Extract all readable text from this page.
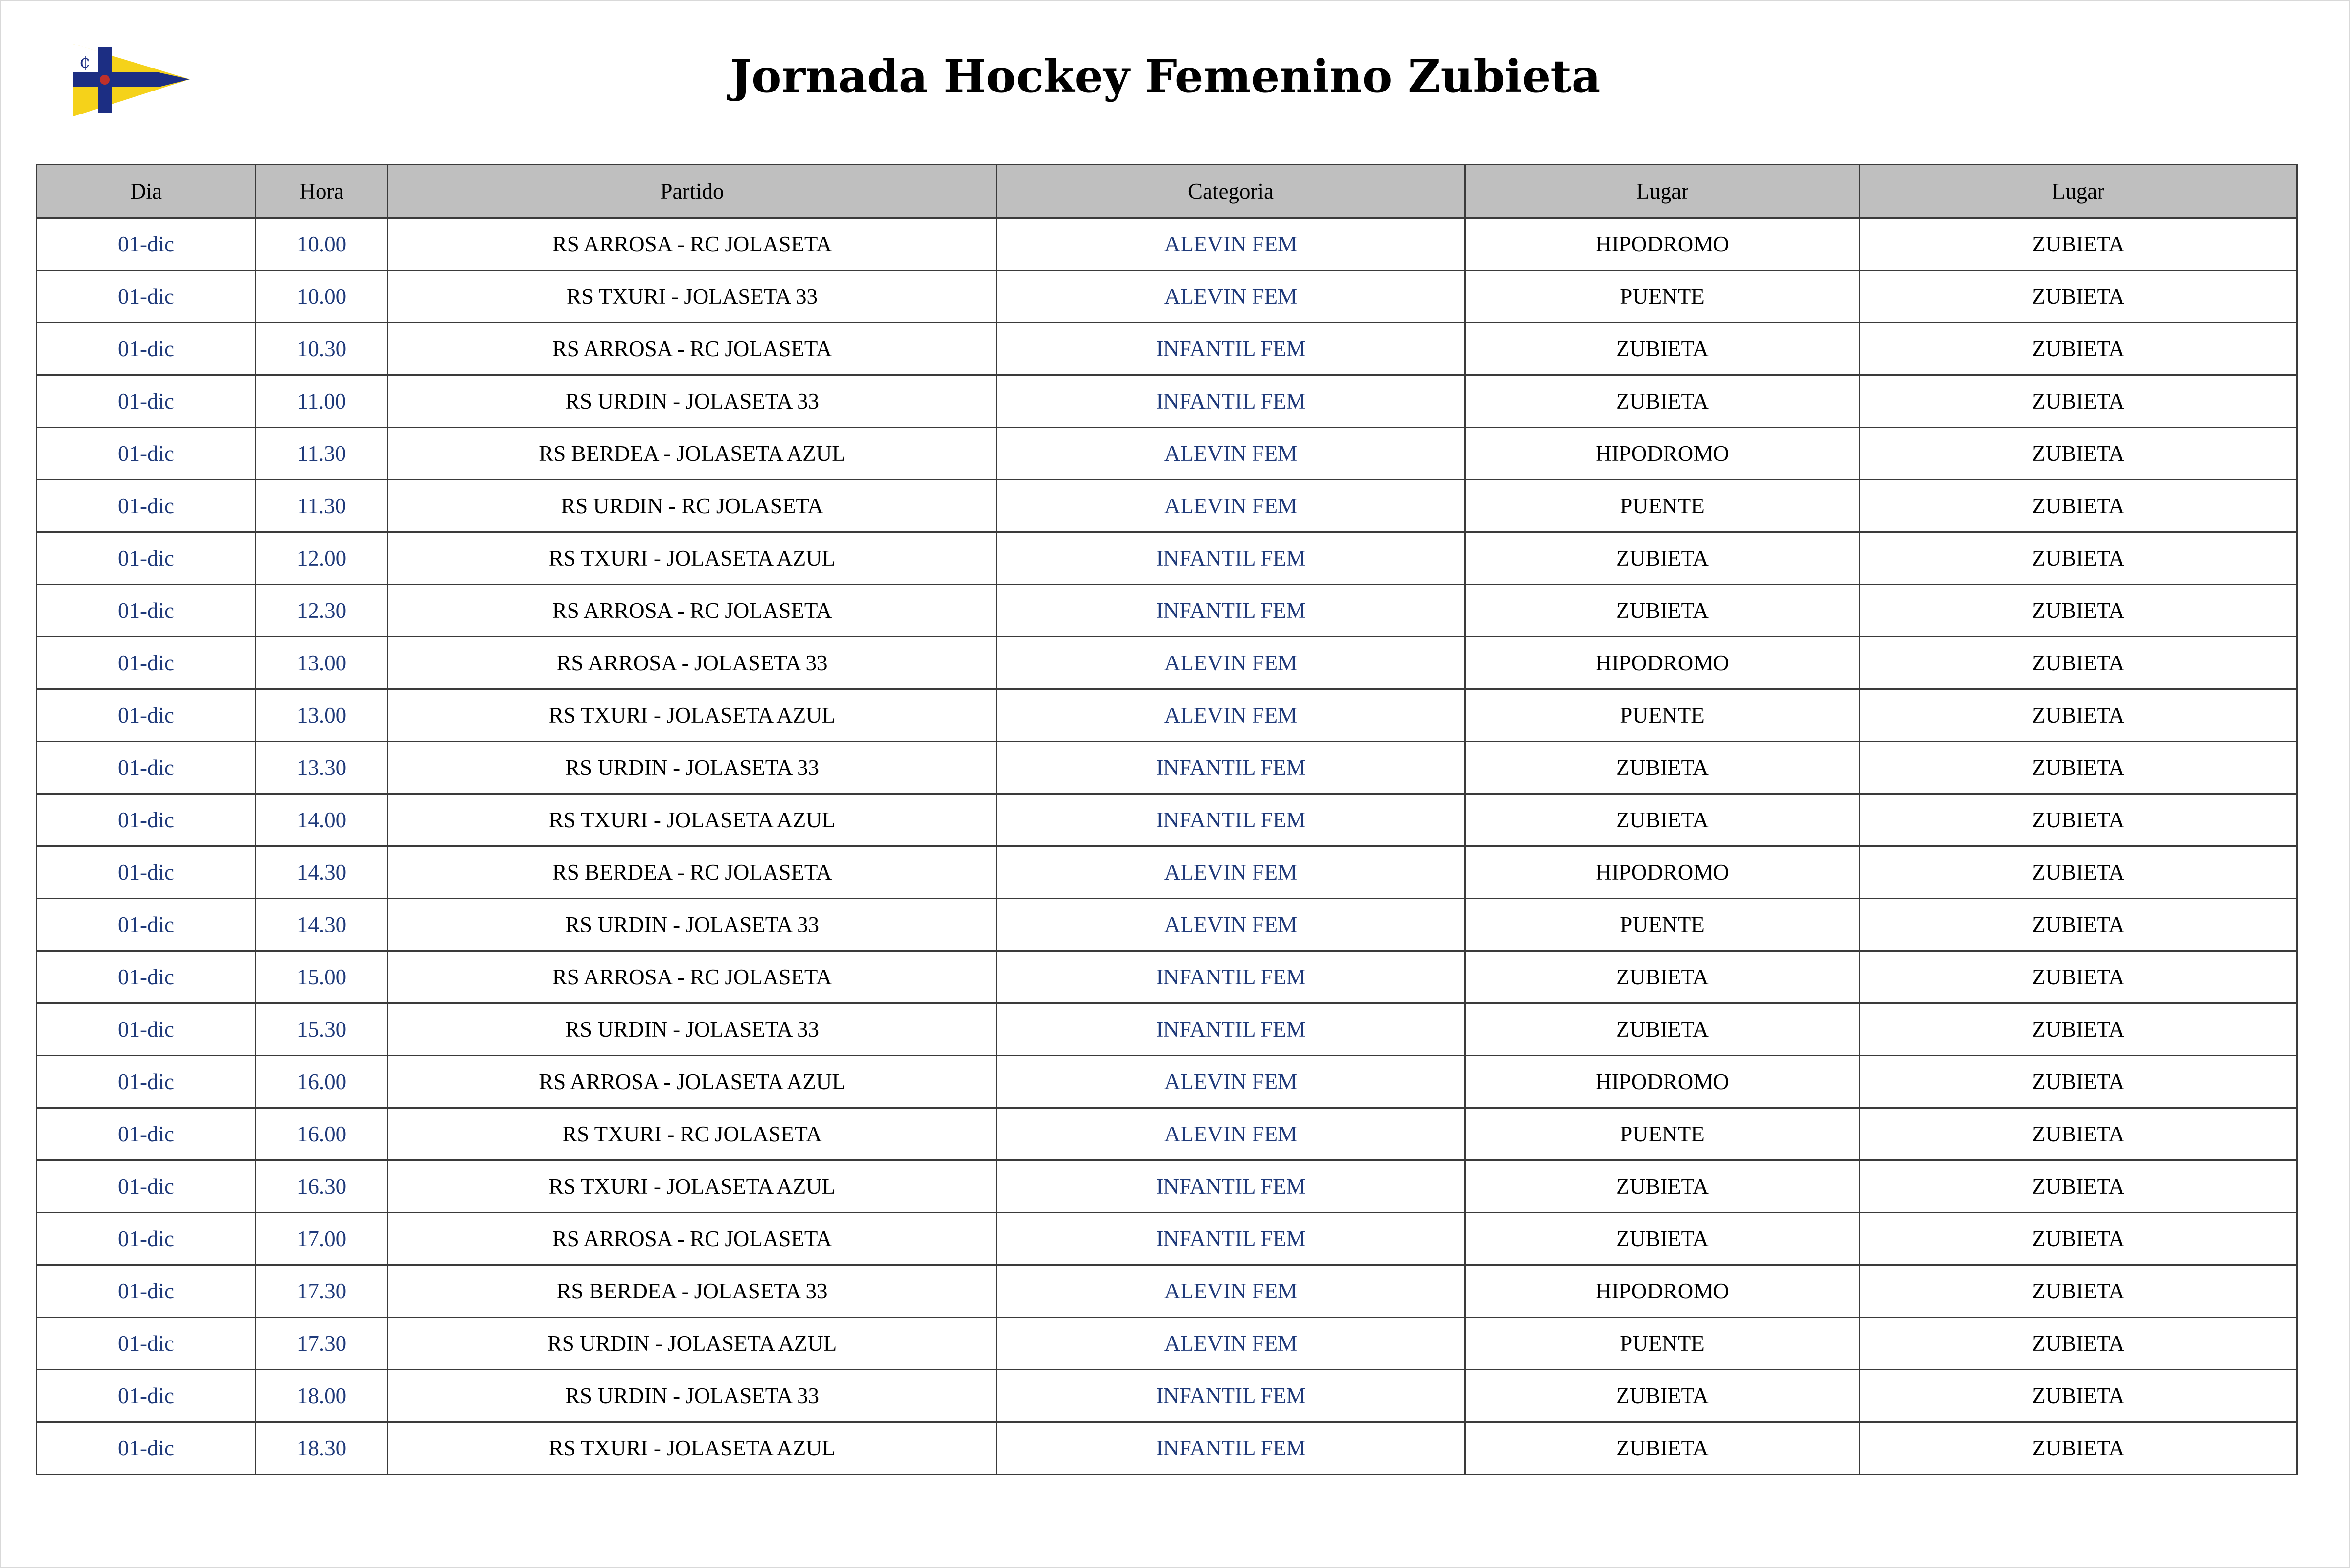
¢	Jornada Hockey Femenino Zubieta
Dia	Hora	Partido	Categoria	Lugar	Lugar
01-dic	10.00	RS ARROSA - RC JOLASETA	ALEVIN FEM	HIPODROMO	ZUBIETA
01-dic	10.00	RS TXURI - JOLASETA 33	ALEVIN FEM	PUENTE	ZUBIETA
01-dic	10.30	RS ARROSA - RC JOLASETA	INFANTIL FEM	ZUBIETA	ZUBIETA
01-dic	11.00	RS URDIN - JOLASETA 33	INFANTIL FEM	ZUBIETA	ZUBIETA
01-dic	11.30	RS BERDEA - JOLASETA AZUL	ALEVIN FEM	HIPODROMO	ZUBIETA
01-dic	11.30	RS URDIN - RC JOLASETA	ALEVIN FEM	PUENTE	ZUBIETA
01-dic	12.00	RS TXURI - JOLASETA AZUL	INFANTIL FEM	ZUBIETA	ZUBIETA
01-dic	12.30	RS ARROSA - RC JOLASETA	INFANTIL FEM	ZUBIETA	ZUBIETA
01-dic	13.00	RS ARROSA - JOLASETA 33	ALEVIN FEM	HIPODROMO	ZUBIETA
01-dic	13.00	RS TXURI - JOLASETA AZUL	ALEVIN FEM	PUENTE	ZUBIETA
01-dic	13.30	RS URDIN - JOLASETA 33	INFANTIL FEM	ZUBIETA	ZUBIETA
01-dic	14.00	RS TXURI - JOLASETA AZUL	INFANTIL FEM	ZUBIETA	ZUBIETA
01-dic	14.30	RS BERDEA - RC JOLASETA	ALEVIN FEM	HIPODROMO	ZUBIETA
01-dic	14.30	RS URDIN - JOLASETA 33	ALEVIN FEM	PUENTE	ZUBIETA
01-dic	15.00	RS ARROSA - RC JOLASETA	INFANTIL FEM	ZUBIETA	ZUBIETA
01-dic	15.30	RS URDIN - JOLASETA 33	INFANTIL FEM	ZUBIETA	ZUBIETA
01-dic	16.00	RS ARROSA - JOLASETA AZUL	ALEVIN FEM	HIPODROMO	ZUBIETA
01-dic	16.00	RS TXURI - RC JOLASETA	ALEVIN FEM	PUENTE	ZUBIETA
01-dic	16.30	RS TXURI - JOLASETA AZUL	INFANTIL FEM	ZUBIETA	ZUBIETA
01-dic	17.00	RS ARROSA - RC JOLASETA	INFANTIL FEM	ZUBIETA	ZUBIETA
01-dic	17.30	RS BERDEA - JOLASETA 33	ALEVIN FEM	HIPODROMO	ZUBIETA
01-dic	17.30	RS URDIN - JOLASETA AZUL	ALEVIN FEM	PUENTE	ZUBIETA
01-dic	18.00	RS URDIN - JOLASETA 33	INFANTIL FEM	ZUBIETA	ZUBIETA
01-dic	18.30	RS TXURI - JOLASETA AZUL	INFANTIL FEM	ZUBIETA	ZUBIETA
